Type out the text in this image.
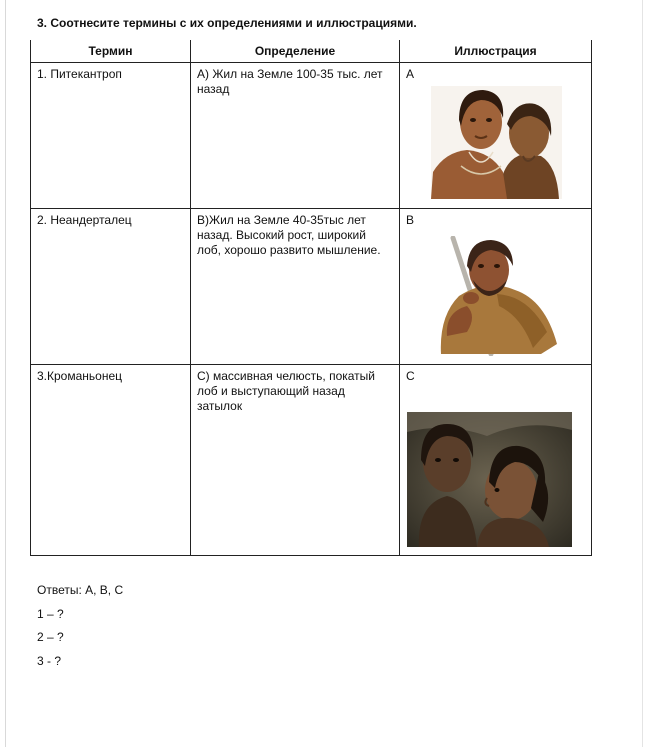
3. Соотнесите термины с их определениями и иллюстрациями.
Термин	Определение	Иллюстрация
1. Питекантроп	А) Жил на Земле 100-35 тыс. лет назад	А

2. Неандерталец	В)Жил на Земле 40-35тыс лет назад. Высокий рост, широкий лоб, хорошо развито мышление.	В

3.Кроманьонец	С) массивная челюсть, покатый лоб и выступающий назад затылок	С
Ответы: А, В, С
1 – ?
2 – ?
3 - ?
